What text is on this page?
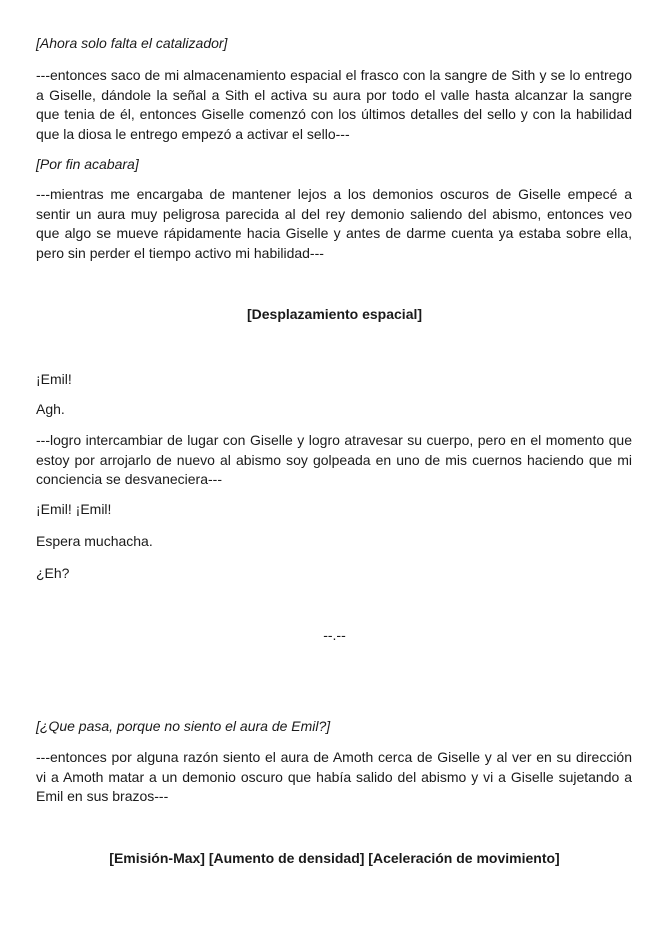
[Ahora solo falta el catalizador]

---entonces saco de mi almacenamiento espacial el frasco con la sangre de Sith y se lo entrego a Giselle, dándole la señal a Sith el activa su aura por todo el valle hasta alcanzar la sangre que tenia de él, entonces Giselle comenzó con los últimos detalles del sello y con la habilidad que la diosa le entrego empezó a activar el sello---

[Por fin acabara]

---mientras me encargaba de mantener lejos a los demonios oscuros de Giselle empecé a sentir un aura muy peligrosa parecida al del rey demonio saliendo del abismo, entonces veo que algo se mueve rápidamente hacia Giselle y antes de darme cuenta ya estaba sobre ella, pero sin perder el tiempo activo mi habilidad---

[Desplazamiento espacial]

¡Emil!

Agh.

---logro intercambiar de lugar con Giselle y logro atravesar su cuerpo, pero en el momento que estoy por arrojarlo de nuevo al abismo soy golpeada en uno de mis cuernos haciendo que mi conciencia se desvaneciera---

¡Emil! ¡Emil!

Espera muchacha.

¿Eh?

--.--

[¿Que pasa, porque no siento el aura de Emil?]

---entonces por alguna razón siento el aura de Amoth cerca de Giselle y al ver en su dirección vi a Amoth matar a un demonio oscuro que había salido del abismo y vi a Giselle sujetando a Emil en sus brazos---

[Emisión-Max] [Aumento de densidad] [Aceleración de movimiento]
